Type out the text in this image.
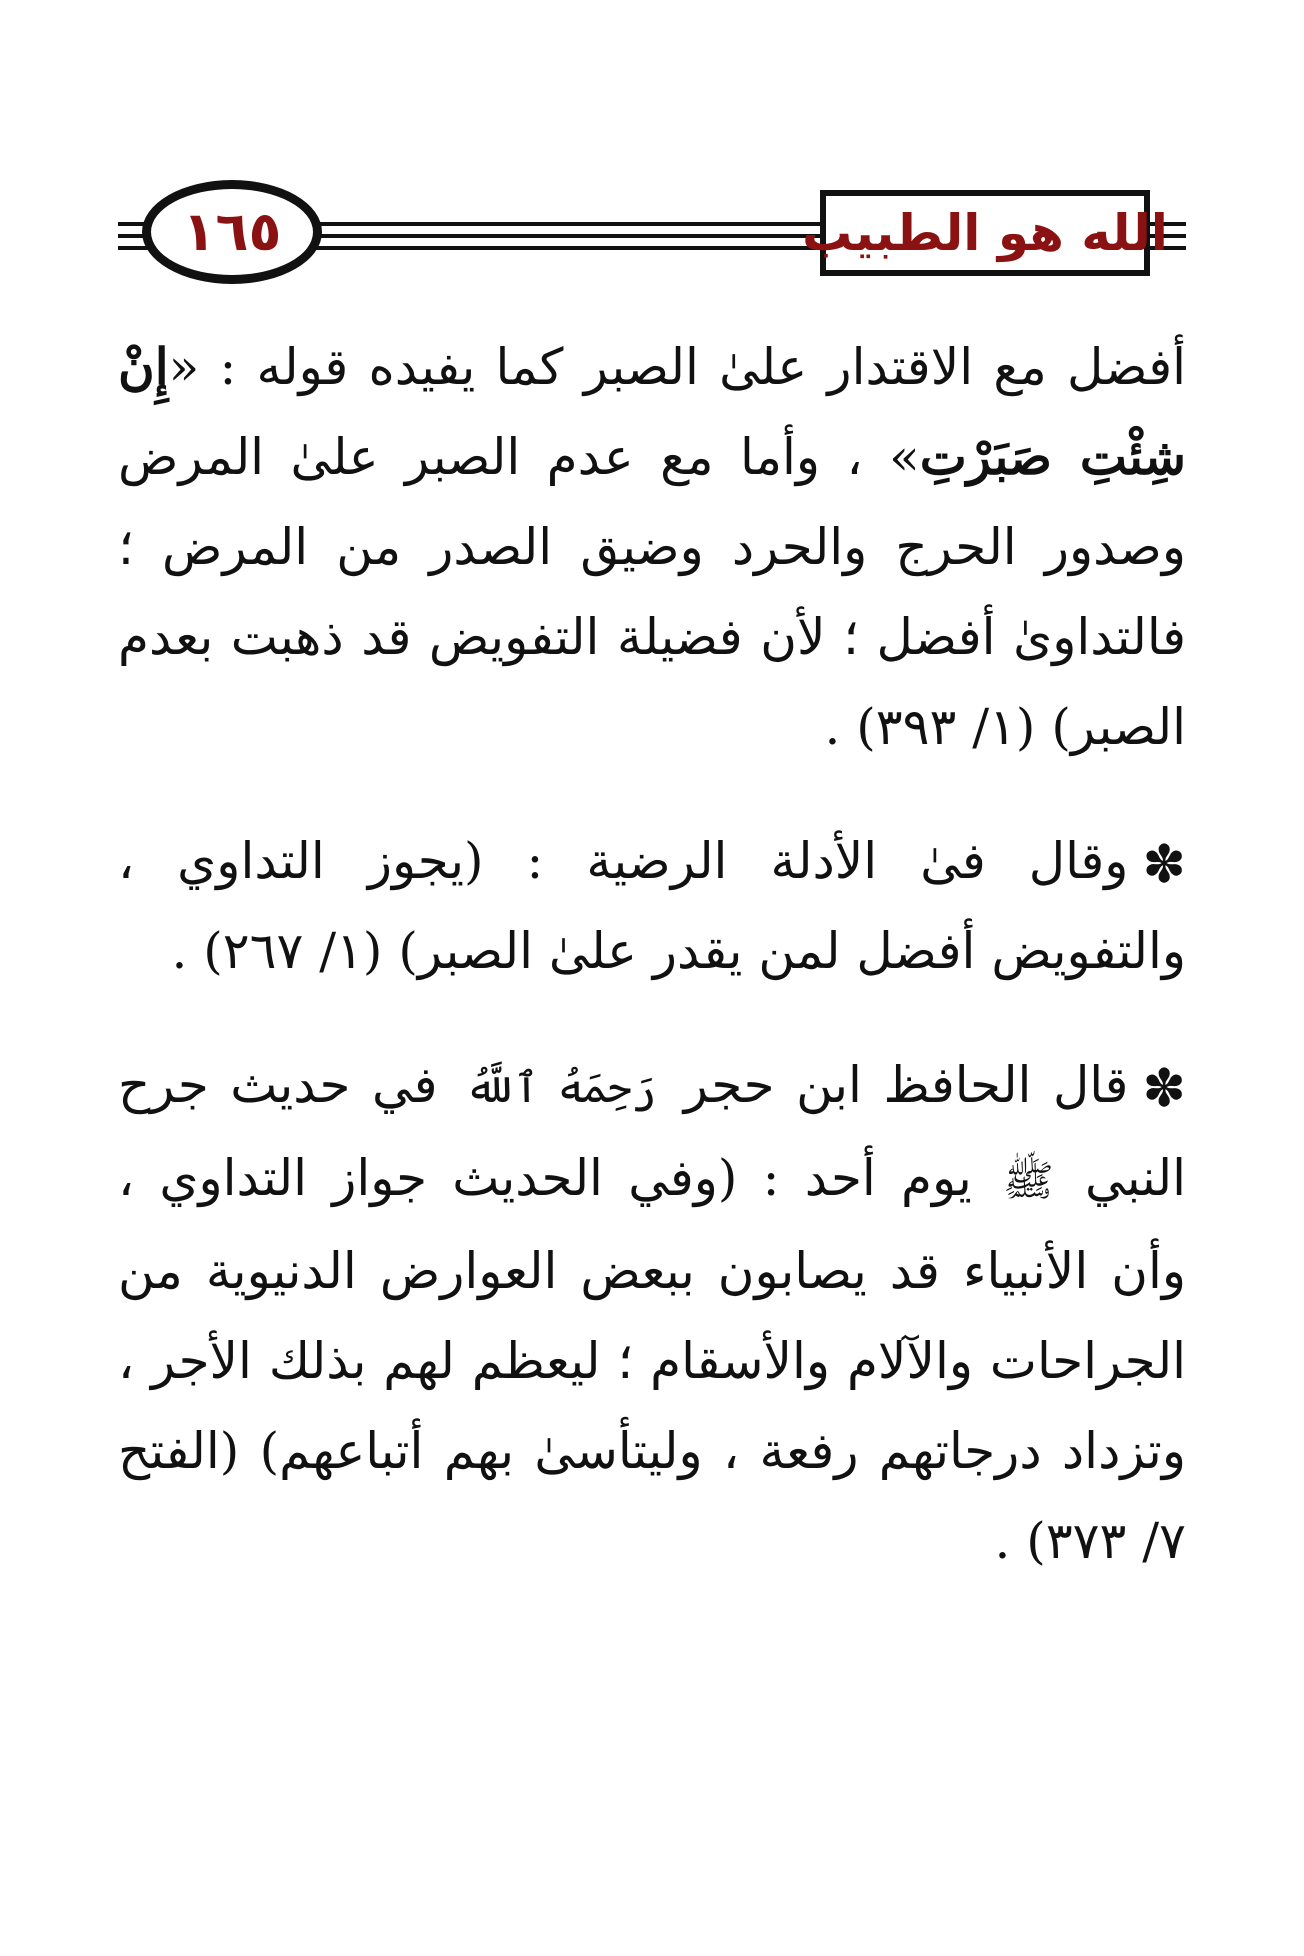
١٦٥	الله هو الطبيب

أفضل مع الاقتدار علىٰ الصبر كما يفيده قوله : «إِنْ شِئْتِ صَبَرْتِ» ، وأما مع عدم الصبر علىٰ المرض وصدور الحرج والحرد وضيق الصدر من المرض ؛ فالتداوىٰ أفضل ؛ لأن فضيلة التفويض قد ذهبت بعدم الصبر) (١/ ٣٩٣) .

✽وقال فىٰ الأدلة الرضية : (يجوز التداوي ، والتفويض أفضل لمن يقدر علىٰ الصبر) (١/ ٢٦٧) .

✽قال الحافظ ابن حجر رَحِمَهُ ٱللَّهُ في حديث جرح النبي ﷺ يوم أحد : (وفي الحديث جواز التداوي ، وأن الأنبياء قد يصابون ببعض العوارض الدنيوية من الجراحات والآلام والأسقام ؛ ليعظم لهم بذلك الأجر ، وتزداد درجاتهم رفعة ، وليتأسىٰ بهم أتباعهم) (الفتح ٧/ ٣٧٣) .
